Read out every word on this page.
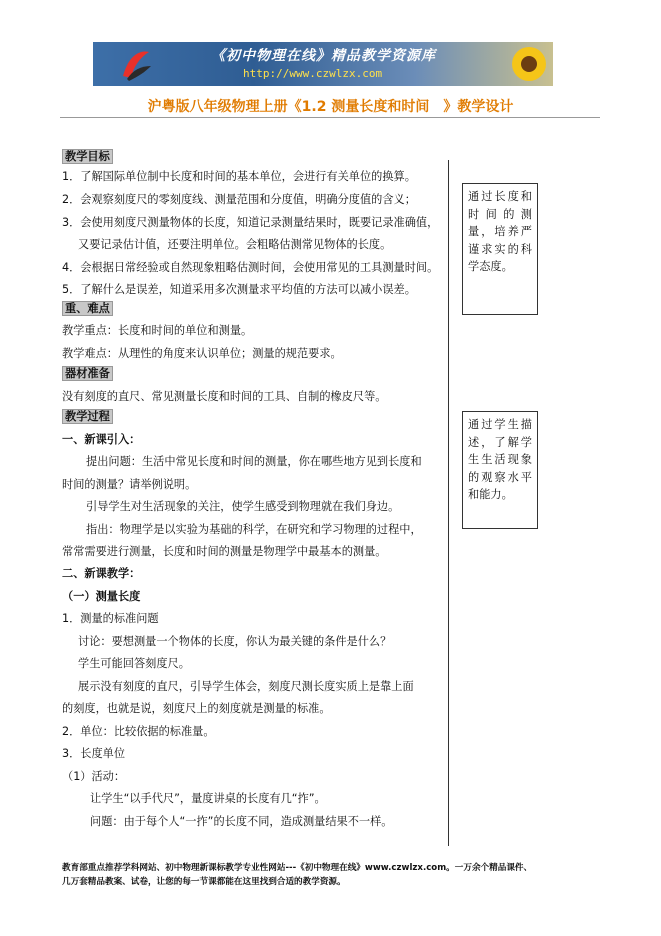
《初中物理在线》精品教学资源库
http://www.czwlzx.com
沪粤版八年级物理上册《1.2 测量长度和时间　》教学设计
教学目标
1．了解国际单位制中长度和时间的基本单位，会进行有关单位的换算。
2．会观察刻度尺的零刻度线、测量范围和分度值，明确分度值的含义；
3．会使用刻度尺测量物体的长度，知道记录测量结果时，既要记录准确值，
又要记录估计值，还要注明单位。会粗略估测常见物体的长度。
4．会根据日常经验或自然现象粗略估测时间，会使用常见的工具测量时间。
5．了解什么是误差，知道采用多次测量求平均值的方法可以减小误差。
重、难点
教学重点：长度和时间的单位和测量。
教学难点：从理性的角度来认识单位；测量的规范要求。
器材准备
没有刻度的直尺、常见测量长度和时间的工具、自制的橡皮尺等。
教学过程
一、新课引入：
提出问题：生活中常见长度和时间的测量，你在哪些地方见到长度和
时间的测量？请举例说明。
引导学生对生活现象的关注，使学生感受到物理就在我们身边。
指出：物理学是以实验为基础的科学，在研究和学习物理的过程中，
常常需要进行测量，长度和时间的测量是物理学中最基本的测量。
二、新课教学：
（一）测量长度
1．测量的标准问题
讨论：要想测量一个物体的长度，你认为最关键的条件是什么？
学生可能回答刻度尺。
展示没有刻度的直尺，引导学生体会，刻度尺测长度实质上是靠上面
的刻度，也就是说，刻度尺上的刻度就是测量的标准。
2．单位：比较依据的标准量。
3．长度单位
（1）活动：
让学生“以手代尺”，量度讲桌的长度有几“拃”。
问题：由于每个人“一拃”的长度不同，造成测量结果不一样。
通过长度和时间的测量，培养严谨求实的科学态度。
通过学生描述，了解学生生活现象的观察水平和能力。
教育部重点推荐学科网站、初中物理新课标教学专业性网站---《初中物理在线》www.czwlzx.com。一万余个精品课件、
几万套精品教案、试卷，让您的每一节课都能在这里找到合适的教学资源。
